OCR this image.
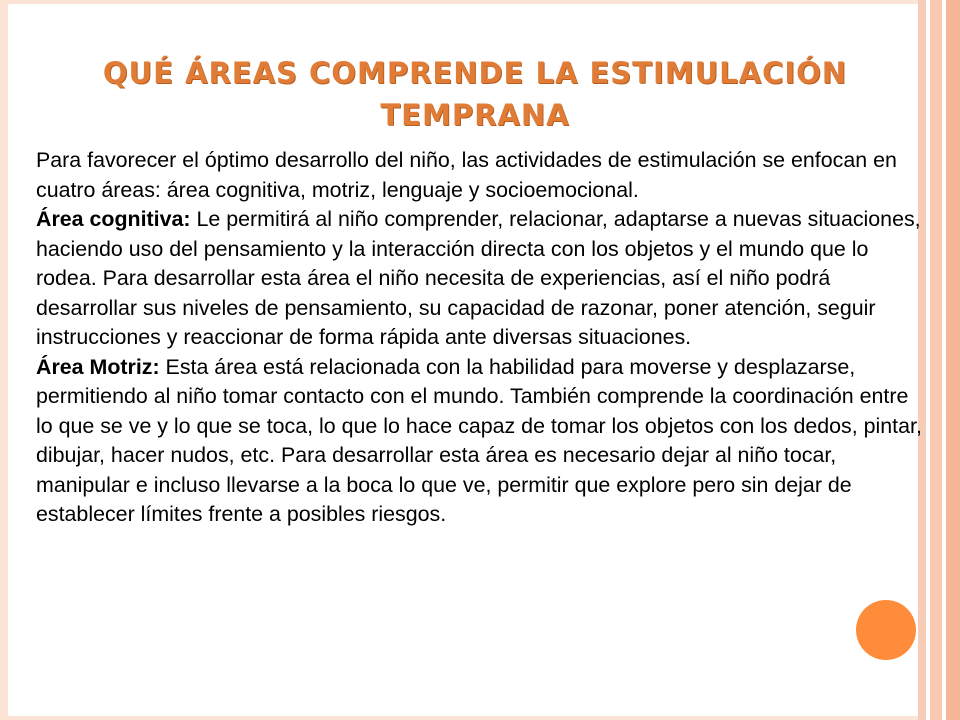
QUÉ ÁREAS COMPRENDE LA ESTIMULACIÓN TEMPRANA

Para favorecer el óptimo desarrollo del niño, las actividades de estimulación se enfocan en cuatro áreas: área cognitiva, motriz, lenguaje y socioemocional.

Área cognitiva: Le permitirá al niño comprender, relacionar, adaptarse a nuevas situaciones, haciendo uso del pensamiento y la interacción directa con los objetos y el mundo que lo rodea. Para desarrollar esta área el niño necesita de experiencias, así el niño podrá desarrollar sus niveles de pensamiento, su capacidad de razonar, poner atención, seguir instrucciones y reaccionar de forma rápida ante diversas situaciones.

Área Motriz: Esta área está relacionada con la habilidad para moverse y desplazarse, permitiendo al niño tomar contacto con el mundo. También comprende la coordinación entre lo que se ve y lo que se toca, lo que lo hace capaz de tomar los objetos con los dedos, pintar, dibujar, hacer nudos, etc. Para desarrollar esta área es necesario dejar al niño tocar, manipular e incluso llevarse a la boca lo que ve, permitir que explore pero sin dejar de establecer límites frente a posibles riesgos.
